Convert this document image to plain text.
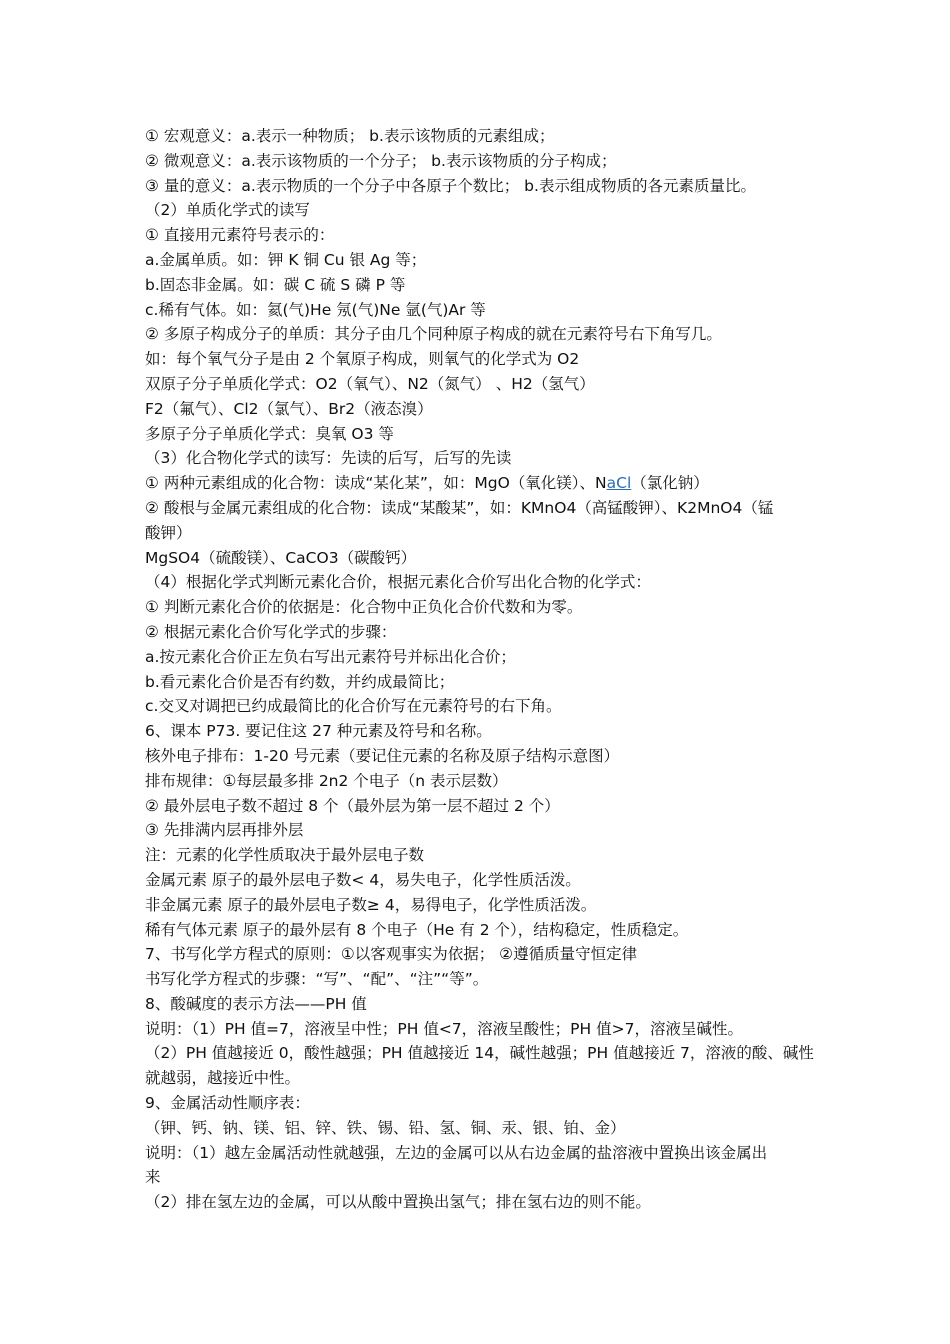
① 宏观意义：a.表示一种物质； b.表示该物质的元素组成；
② 微观意义：a.表示该物质的一个分子； b.表示该物质的分子构成；
③ 量的意义：a.表示物质的一个分子中各原子个数比； b.表示组成物质的各元素质量比。
（2）单质化学式的读写
① 直接用元素符号表示的：
a.金属单质。如：钾 K 铜 Cu 银 Ag 等；
b.固态非金属。如：碳 C 硫 S 磷 P 等
c.稀有气体。如：氦(气)He 氖(气)Ne 氩(气)Ar 等
② 多原子构成分子的单质：其分子由几个同种原子构成的就在元素符号右下角写几。
如：每个氧气分子是由 2 个氧原子构成，则氧气的化学式为 O2
双原子分子单质化学式：O2（氧气）、N2（氮气） 、H2（氢气）
F2（氟气）、Cl2（氯气）、Br2（液态溴）
多原子分子单质化学式：臭氧 O3 等
（3）化合物化学式的读写：先读的后写，后写的先读
① 两种元素组成的化合物：读成“某化某”，如：MgO（氧化镁）、NaCl（氯化钠）
② 酸根与金属元素组成的化合物：读成“某酸某”，如：KMnO4（高锰酸钾）、K2MnO4（锰
酸钾）
MgSO4（硫酸镁）、CaCO3（碳酸钙）
（4）根据化学式判断元素化合价，根据元素化合价写出化合物的化学式：
① 判断元素化合价的依据是：化合物中正负化合价代数和为零。
② 根据元素化合价写化学式的步骤：
a.按元素化合价正左负右写出元素符号并标出化合价；
b.看元素化合价是否有约数，并约成最简比；
c.交叉对调把已约成最简比的化合价写在元素符号的右下角。
6、课本 P73. 要记住这 27 种元素及符号和名称。
核外电子排布：1-20 号元素（要记住元素的名称及原子结构示意图）
排布规律：①每层最多排 2n2 个电子（n 表示层数）
② 最外层电子数不超过 8 个（最外层为第一层不超过 2 个）
③ 先排满内层再排外层
注：元素的化学性质取决于最外层电子数
金属元素 原子的最外层电子数< 4，易失电子，化学性质活泼。
非金属元素 原子的最外层电子数≥ 4，易得电子，化学性质活泼。
稀有气体元素 原子的最外层有 8 个电子（He 有 2 个），结构稳定，性质稳定。
7、书写化学方程式的原则：①以客观事实为依据； ②遵循质量守恒定律
书写化学方程式的步骤：“写”、“配”、“注”“等”。
8、酸碱度的表示方法——PH 值
说明：（1）PH 值=7，溶液呈中性；PH 值<7，溶液呈酸性；PH 值>7，溶液呈碱性。
（2）PH 值越接近 0，酸性越强；PH 值越接近 14，碱性越强；PH 值越接近 7，溶液的酸、碱性
就越弱，越接近中性。
9、金属活动性顺序表：
（钾、钙、钠、镁、铝、锌、铁、锡、铅、氢、铜、汞、银、铂、金）
说明：（1）越左金属活动性就越强，左边的金属可以从右边金属的盐溶液中置换出该金属出
来
（2）排在氢左边的金属，可以从酸中置换出氢气；排在氢右边的则不能。
